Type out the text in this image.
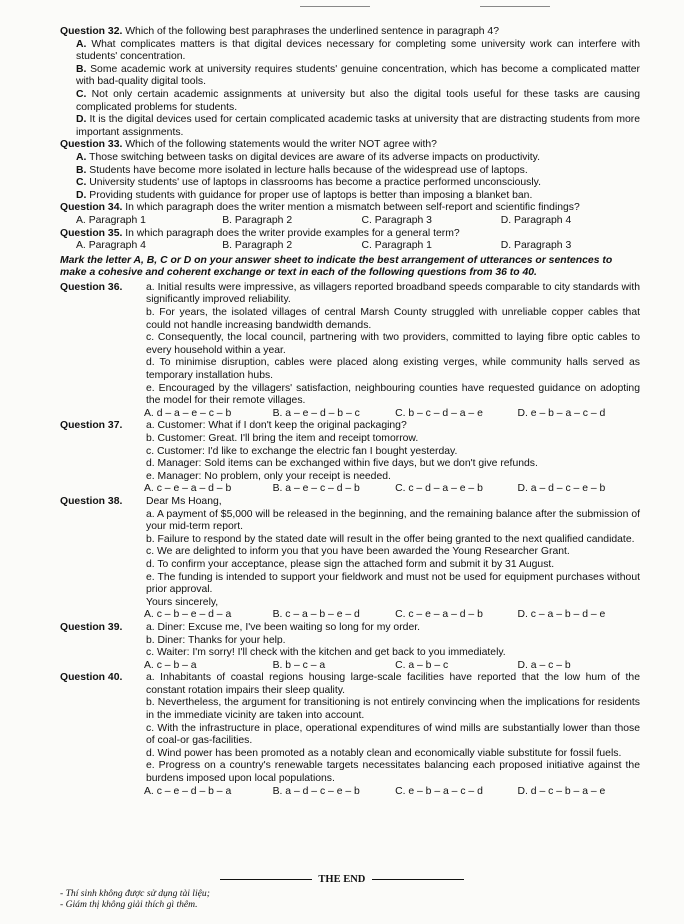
Question 32. Which of the following best paraphrases the underlined sentence in paragraph 4?
A. What complicates matters is that digital devices necessary for completing some university work can interfere with students' concentration.
B. Some academic work at university requires students' genuine concentration, which has become a complicated matter with bad-quality digital tools.
C. Not only certain academic assignments at university but also the digital tools useful for these tasks are causing complicated problems for students.
D. It is the digital devices used for certain complicated academic tasks at university that are distracting students from more important assignments.
Question 33. Which of the following statements would the writer NOT agree with?
A. Those switching between tasks on digital devices are aware of its adverse impacts on productivity.
B. Students have become more isolated in lecture halls because of the widespread use of laptops.
C. University students' use of laptops in classrooms has become a practice performed unconsciously.
D. Providing students with guidance for proper use of laptops is better than imposing a blanket ban.
Question 34. In which paragraph does the writer mention a mismatch between self-report and scientific findings?
A. Paragraph 1	B. Paragraph 2	C. Paragraph 3	D. Paragraph 4
Question 35. In which paragraph does the writer provide examples for a general term?
A. Paragraph 4	B. Paragraph 2	C. Paragraph 1	D. Paragraph 3
Mark the letter A, B, C or D on your answer sheet to indicate the best arrangement of utterances or sentences to make a cohesive and coherent exchange or text in each of the following questions from 36 to 40.
Question 36.	a. Initial results were impressive, as villagers reported broadband speeds comparable to city standards with significantly improved reliability.
b. For years, the isolated villages of central Marsh County struggled with unreliable copper cables that could not handle increasing bandwidth demands.
c. Consequently, the local council, partnering with two providers, committed to laying fibre optic cables to every household within a year.
d. To minimise disruption, cables were placed along existing verges, while community halls served as temporary installation hubs.
e. Encouraged by the villagers' satisfaction, neighbouring counties have requested guidance on adopting the model for their remote villages.
A. d – a – e – c – b	B. a – e – d – b – c	C. b – c – d – a – e	D. e – b – a – c – d
Question 37.	a. Customer: What if I don't keep the original packaging?
b. Customer: Great. I'll bring the item and receipt tomorrow.
c. Customer: I'd like to exchange the electric fan I bought yesterday.
d. Manager: Sold items can be exchanged within five days, but we don't give refunds.
e. Manager: No problem, only your receipt is needed.
A. c – e – a – d – b	B. a – e – c – d – b	C. c – d – a – e – b	D. a – d – c – e – b
Question 38.	Dear Ms Hoang,
a. A payment of $5,000 will be released in the beginning, and the remaining balance after the submission of your mid-term report.
b. Failure to respond by the stated date will result in the offer being granted to the next qualified candidate.
c. We are delighted to inform you that you have been awarded the Young Researcher Grant.
d. To confirm your acceptance, please sign the attached form and submit it by 31 August.
e. The funding is intended to support your fieldwork and must not be used for equipment purchases without prior approval.
Yours sincerely,
A. c – b – e – d – a	B. c – a – b – e – d	C. c – e – a – d – b	D. c – a – b – d – e
Question 39.	a. Diner: Excuse me, I've been waiting so long for my order.
b. Diner: Thanks for your help.
c. Waiter: I'm sorry! I'll check with the kitchen and get back to you immediately.
A. c – b – a	B. b – c – a	C. a – b – c	D. a – c – b
Question 40.	a. Inhabitants of coastal regions housing large-scale facilities have reported that the low hum of the constant rotation impairs their sleep quality.
b. Nevertheless, the argument for transitioning is not entirely convincing when the implications for residents in the immediate vicinity are taken into account.
c. With the infrastructure in place, operational expenditures of wind mills are substantially lower than those of coal-or gas-facilities.
d. Wind power has been promoted as a notably clean and economically viable substitute for fossil fuels.
e. Progress on a country's renewable targets necessitates balancing each proposed initiative against the burdens imposed upon local populations.
A. c – e – d – b – a	B. a – d – c – e – b	C. e – b – a – c – d	D. d – c – b – a – e
THE END
- Thí sinh không được sử dụng tài liệu;
- Giám thị không giải thích gì thêm.
